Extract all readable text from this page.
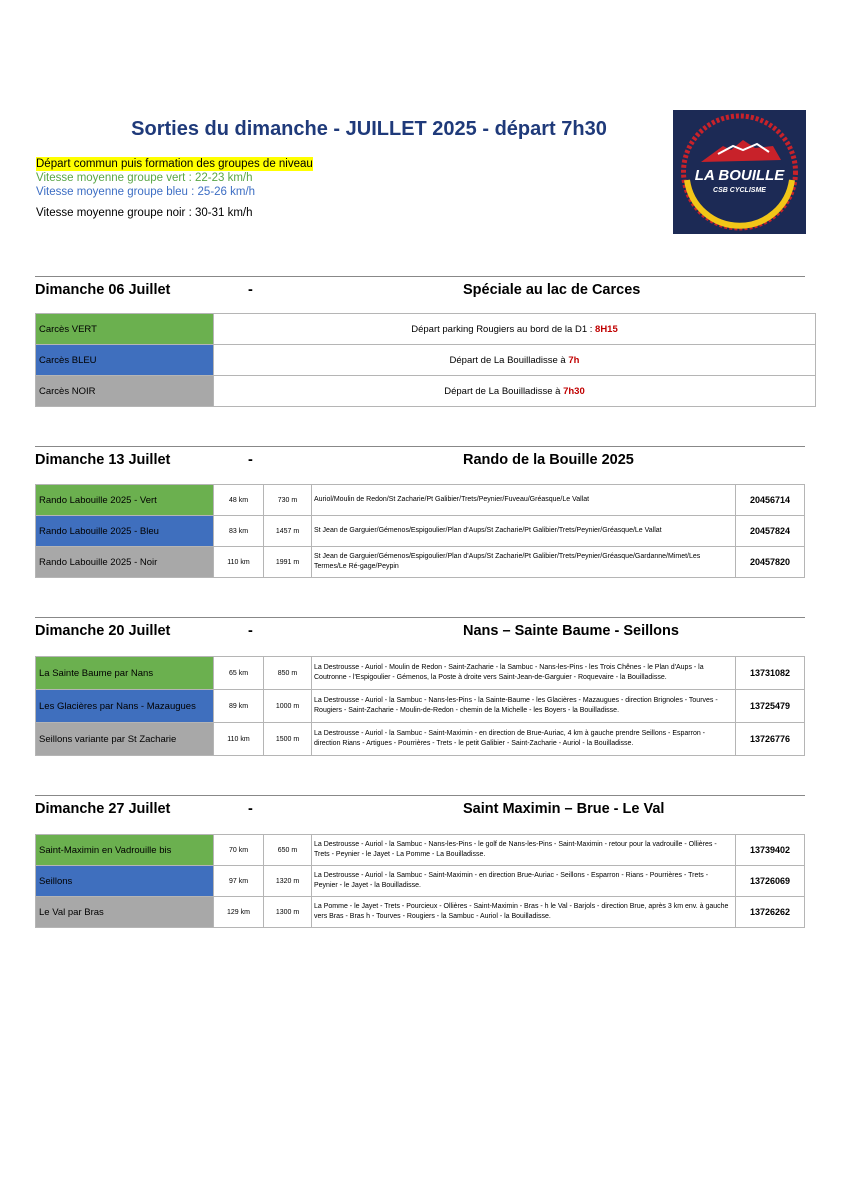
Sorties du dimanche - JUILLET 2025 - départ 7h30
Départ commun puis formation des groupes de niveau
Vitesse moyenne groupe vert : 22-23 km/h
Vitesse moyenne groupe bleu : 25-26 km/h
Vitesse moyenne groupe noir : 30-31 km/h
LA BOUILLE
CSB CYCLISME
Dimanche 06 Juillet	-	Spéciale au lac de Carces
Carcès VERT	Départ parking Rougiers au bord de la D1 : 8H15
Carcès BLEU	Départ de La Bouilladisse à 7h
Carcès NOIR	Départ de La Bouilladisse à 7h30
Dimanche 13 Juillet	-	Rando de la Bouille 2025
Rando Labouille 2025 - Vert	48 km	730 m	Auriol/Moulin de Redon/St Zacharie/Pt Galibier/Trets/Peynier/Fuveau/Gréasque/Le Vallat	20456714
Rando Labouille 2025 - Bleu	83 km	1457 m	St Jean de Garguier/Gémenos/Espigoulier/Plan d'Aups/St Zacharie/Pt Galibier/Trets/Peynier/Gréasque/Le Vallat	20457824
Rando Labouille 2025 - Noir	110 km	1991 m	St Jean de Garguier/Gémenos/Espigoulier/Plan d'Aups/St Zacharie/Pt Galibier/Trets/Peynier/Gréasque/Gardanne/Mimet/Les Termes/Le Ré-gage/Peypin	20457820
Dimanche 20 Juillet	-	Nans – Sainte Baume - Seillons
La Sainte Baume par Nans	65 km	850 m	La Destrousse - Auriol - Moulin de Redon - Saint-Zacharie - la Sambuc - Nans-les-Pins - les Trois Chênes - le Plan d'Aups - la Coutronne - l'Espigoulier - Gémenos, la Poste à droite vers Saint-Jean-de-Garguier - Roquevaire - la Bouilladisse.	13731082
Les Glacières par Nans - Mazaugues	89 km	1000 m	La Destrousse - Auriol - la Sambuc - Nans-les-Pins - la Sainte-Baume - les Glacières - Mazaugues - direction Brignoles - Tourves - Rougiers - Saint-Zacharie - Moulin-de-Redon - chemin de la Michelle - les Boyers - la Bouilladisse.	13725479
Seillons variante par St Zacharie	110 km	1500 m	La Destrousse - Auriol - la Sambuc - Saint-Maximin - en direction de Brue-Auriac, 4 km à gauche prendre Seillons - Esparron - direction Rians - Artigues - Pourrières - Trets - le petit Galibier - Saint-Zacharie - Auriol - la Bouilladisse.	13726776
Dimanche 27 Juillet	-	Saint Maximin – Brue - Le Val
Saint-Maximin en Vadrouille bis	70 km	650 m	La Destrousse - Auriol - la Sambuc - Nans-les-Pins - le golf de Nans-les-Pins - Saint-Maximin - retour pour la vadrouille - Ollières - Trets - Peynier - le Jayet - La Pomme - La Bouilladisse.	13739402
Seillons	97 km	1320 m	La Destrousse - Auriol - la Sambuc - Saint-Maximin - en direction Brue-Auriac - Seillons - Esparron - Rians - Pourrières - Trets - Peynier - le Jayet - la Bouilladisse.	13726069
Le Val par Bras	129 km	1300 m	La Pomme - le Jayet - Trets - Pourcieux - Ollières - Saint-Maximin - Bras - h le Val - Barjols - direction Brue, après 3 km env. à gauche vers Bras - Bras h - Tourves - Rougiers - la Sambuc - Auriol - la Bouilladisse.	13726262
